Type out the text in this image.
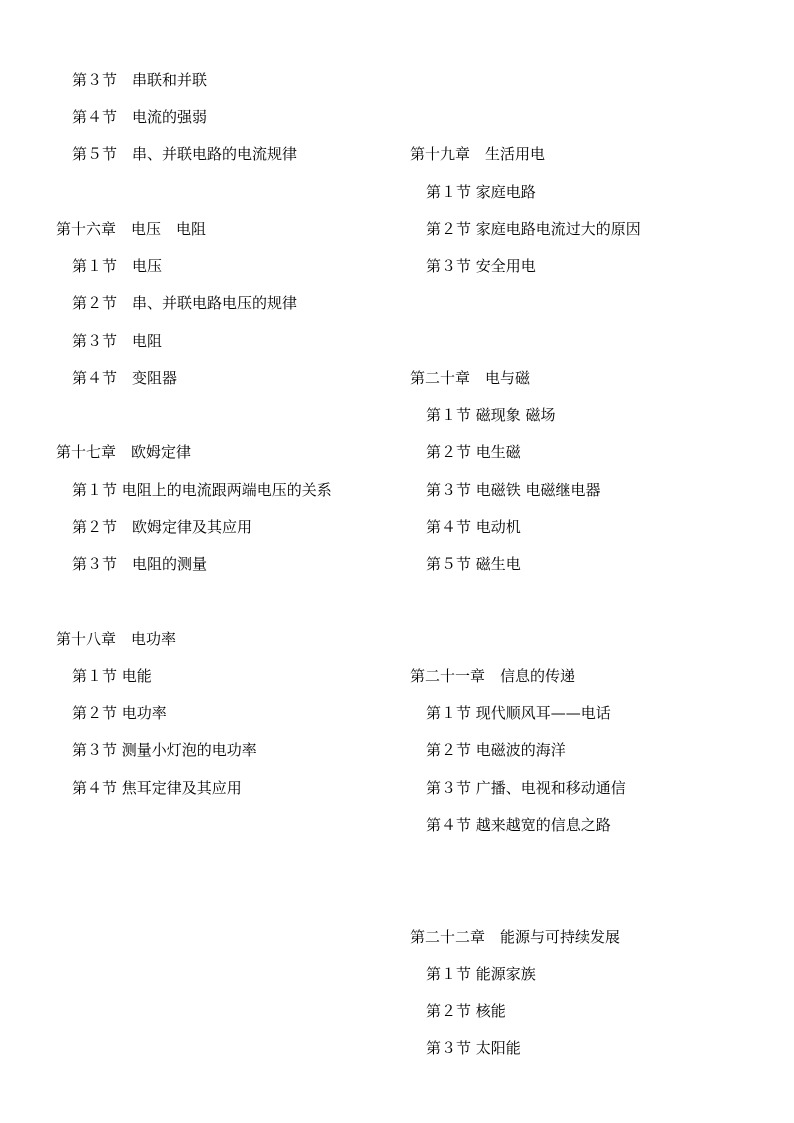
第３节　串联和并联
第４节　电流的强弱
第５节　串、并联电路的电流规律
第十六章　电压　电阻
第１节　电压
第２节　串、并联电路电压的规律
第３节　电阻
第４节　变阻器
第十七章　欧姆定律
第１节 电阻上的电流跟两端电压的关系
第２节　欧姆定律及其应用
第３节　电阻的测量
第十八章　电功率
第１节 电能
第２节 电功率
第３节 测量小灯泡的电功率
第４节 焦耳定律及其应用
第十九章　生活用电
第１节 家庭电路
第２节 家庭电路电流过大的原因
第３节 安全用电
第二十章　电与磁
第１节 磁现象 磁场
第２节 电生磁
第３节 电磁铁 电磁继电器
第４节 电动机
第５节 磁生电
第二十一章　信息的传递
第１节 现代顺风耳——电话
第２节 电磁波的海洋
第３节 广播、电视和移动通信
第４节 越来越宽的信息之路
第二十二章　能源与可持续发展
第１节 能源家族
第２节 核能
第３节 太阳能
